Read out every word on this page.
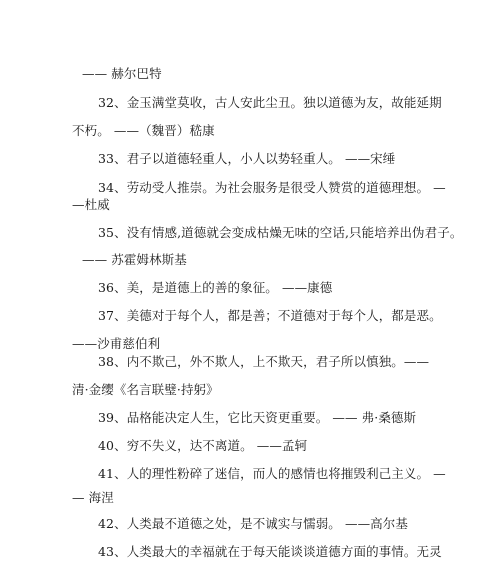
—— 赫尔巴特
32、金玉满堂莫收，古人安此尘丑。独以道德为友，故能延期
不朽。 ——（魏晋）嵇康
33、君子以道德轻重人，小人以势轻重人。 ——宋缍
34、劳动受人推崇。为社会服务是很受人赞赏的道德理想。 —
—杜威
35、没有情感,道德就会变成枯燥无味的空话,只能培养出伪君子。
—— 苏霍姆林斯基
36、美，是道德上的善的象征。 ——康德
37、美德对于每个人，都是善；不道德对于每个人，都是恶。
——沙甫慈伯利
38、内不欺己，外不欺人，上不欺天，君子所以慎独。——
清·金缨《名言联璧·持躬》
39、品格能决定人生，它比天资更重要。 —— 弗·桑德斯
40、穷不失义，达不离道。 ——孟轲
41、人的理性粉碎了迷信，而人的感情也将摧毁利己主义。 —
— 海涅
42、人类最不道德之处，是不诚实与懦弱。 ——高尔基
43、人类最大的幸福就在于每天能谈谈道德方面的事情。无灵
